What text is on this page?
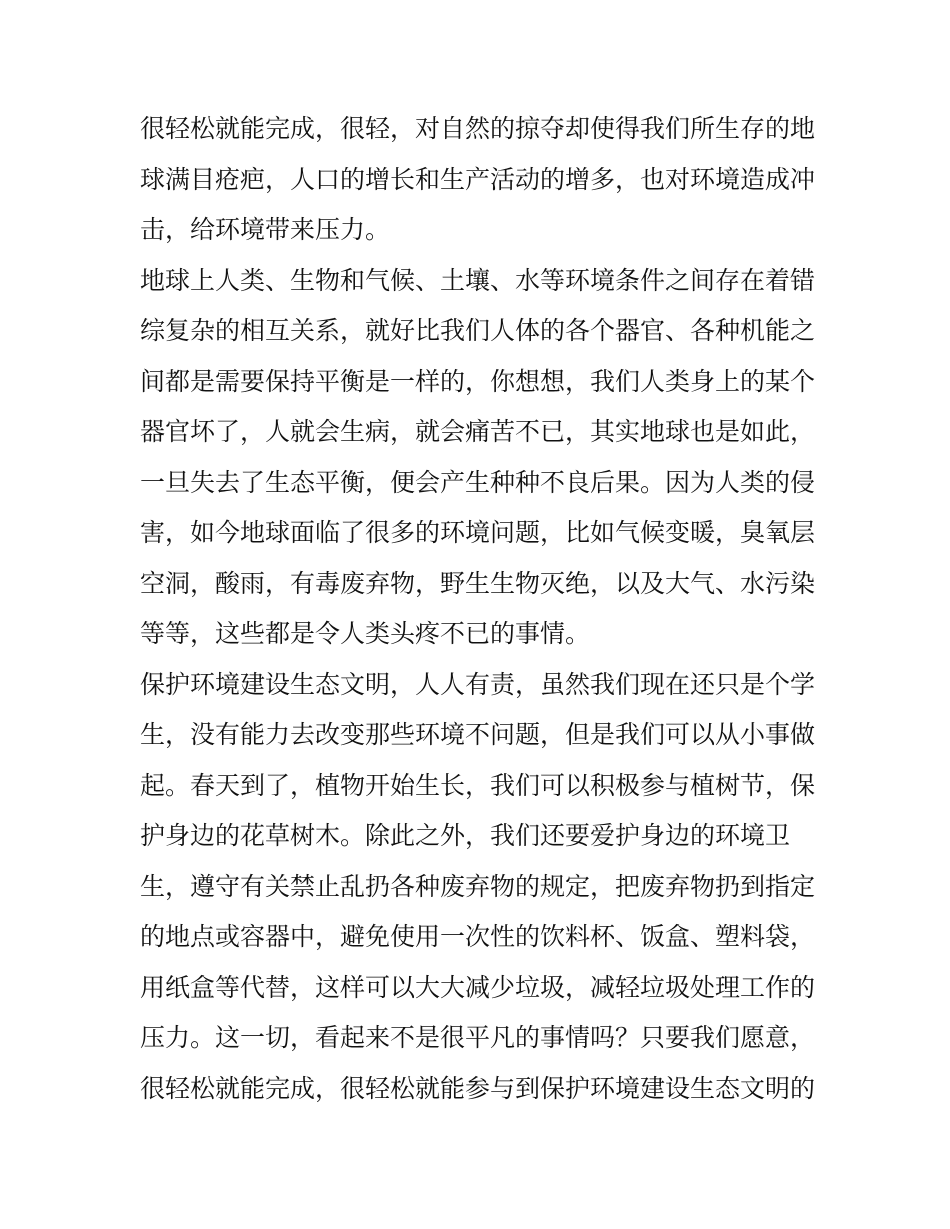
很轻松就能完成，很轻，对自然的掠夺却使得我们所生存的地
球满目疮疤，人口的增长和生产活动的增多，也对环境造成冲
击，给环境带来压力。
地球上人类、生物和气候、土壤、水等环境条件之间存在着错
综复杂的相互关系，就好比我们人体的各个器官、各种机能之
间都是需要保持平衡是一样的，你想想，我们人类身上的某个
器官坏了，人就会生病，就会痛苦不已，其实地球也是如此，
一旦失去了生态平衡，便会产生种种不良后果。因为人类的侵
害，如今地球面临了很多的环境问题，比如气候变暖，臭氧层
空洞，酸雨，有毒废弃物，野生生物灭绝，以及大气、水污染
等等，这些都是令人类头疼不已的事情。
保护环境建设生态文明，人人有责，虽然我们现在还只是个学
生，没有能力去改变那些环境不问题，但是我们可以从小事做
起。春天到了，植物开始生长，我们可以积极参与植树节，保
护身边的花草树木。除此之外，我们还要爱护身边的环境卫
生，遵守有关禁止乱扔各种废弃物的规定，把废弃物扔到指定
的地点或容器中，避免使用一次性的饮料杯、饭盒、塑料袋，
用纸盒等代替，这样可以大大减少垃圾，减轻垃圾处理工作的
压力。这一切，看起来不是很平凡的事情吗？只要我们愿意，
很轻松就能完成，很轻松就能参与到保护环境建设生态文明的
